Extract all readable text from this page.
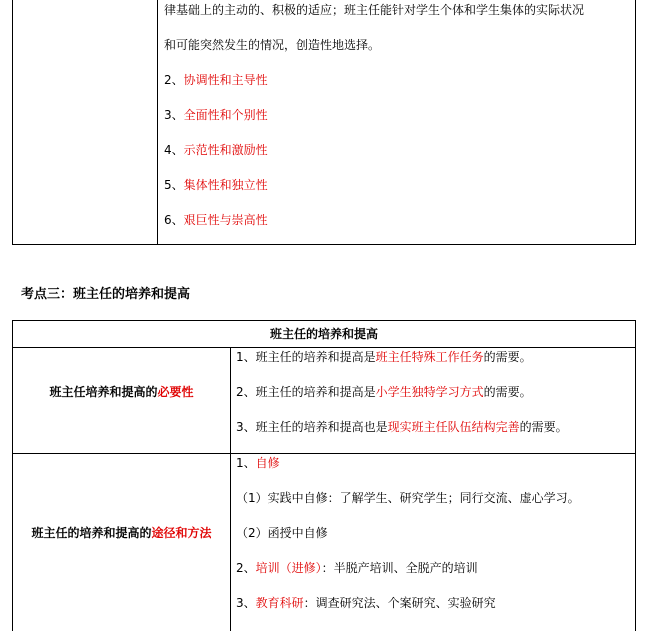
律基础上的主动的、积极的适应；班主任能针对学生个体和学生集体的实际状况
和可能突然发生的情况，创造性地选择。
2、协调性和主导性
3、全面性和个别性
4、示范性和激励性
5、集体性和独立性
6、艰巨性与崇高性
考点三：班主任的培养和提高
班主任的培养和提高
班主任培养和提高的必要性
1、班主任的培养和提高是班主任特殊工作任务的需要。
2、班主任的培养和提高是小学生独特学习方式的需要。
3、班主任的培养和提高也是现实班主任队伍结构完善的需要。
班主任的培养和提高的途径和方法
1、自修
（1）实践中自修：了解学生、研究学生；同行交流、虚心学习。
（2）函授中自修
2、培训（进修）：半脱产培训、全脱产的培训
3、教育科研：调查研究法、个案研究、实验研究
